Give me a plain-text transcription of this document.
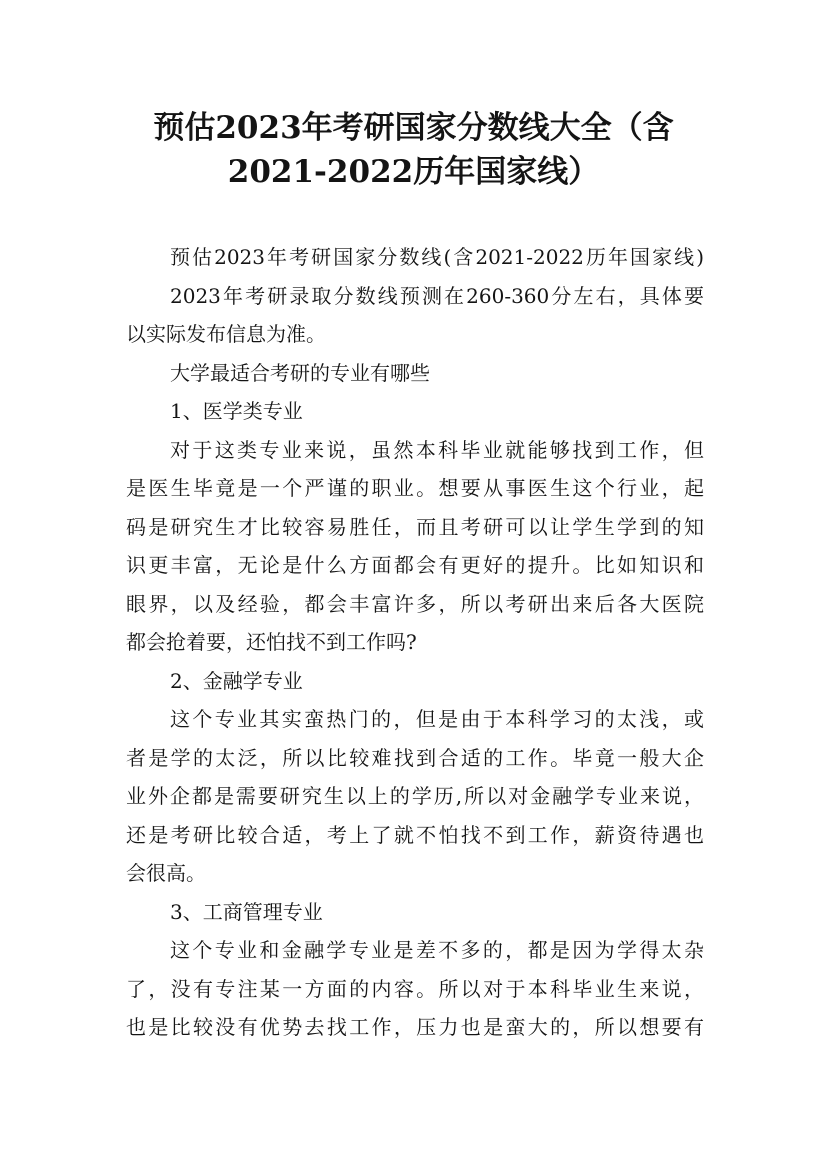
预估2023年考研国家分数线大全（含
2021-2022历年国家线）
预估2023年考研国家分数线(含2021-2022历年国家线)
2023年考研录取分数线预测在260-360分左右，具体要
以实际发布信息为准。
大学最适合考研的专业有哪些
1、医学类专业
对于这类专业来说，虽然本科毕业就能够找到工作，但
是医生毕竟是一个严谨的职业。想要从事医生这个行业，起
码是研究生才比较容易胜任，而且考研可以让学生学到的知
识更丰富，无论是什么方面都会有更好的提升。比如知识和
眼界，以及经验，都会丰富许多，所以考研出来后各大医院
都会抢着要，还怕找不到工作吗?
2、金融学专业
这个专业其实蛮热门的，但是由于本科学习的太浅，或
者是学的太泛，所以比较难找到合适的工作。毕竟一般大企
业外企都是需要研究生以上的学历,所以对金融学专业来说，
还是考研比较合适，考上了就不怕找不到工作，薪资待遇也
会很高。
3、工商管理专业
这个专业和金融学专业是差不多的，都是因为学得太杂
了，没有专注某一方面的内容。所以对于本科毕业生来说，
也是比较没有优势去找工作，压力也是蛮大的，所以想要有
